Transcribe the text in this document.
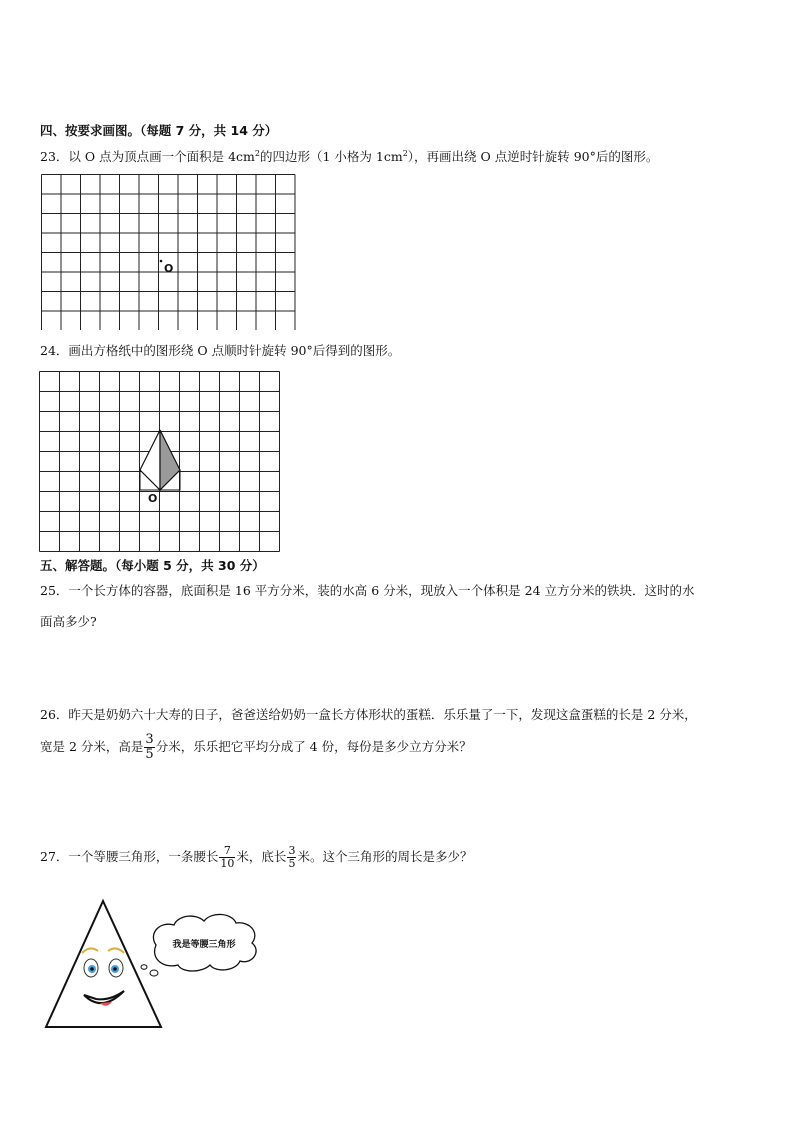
四、按要求画图。（每题 7 分，共 14 分）
23．以 O 点为顶点画一个面积是 $4cm^2$的四边形（1 小格为 $1cm^2$），再画出绕 O 点逆时针旋转 90°后的图形。
O
24．画出方格纸中的图形绕 O 点顺时针旋转 90°后得到的图形。
O
五、解答题。（每小题 5 分，共 30 分）
25．一个长方体的容器，底面积是 16 平方分米，装的水高 6 分米，现放入一个体积是 24 立方分米的铁块．这时的水
面高多少?
26．昨天是奶奶六十大寿的日子，爸爸送给奶奶一盒长方体形状的蛋糕．乐乐量了一下，发现这盒蛋糕的长是 2 分米，
宽是 2 分米，高是 $\frac{3}{5}$ 分米，乐乐把它平均分成了 4 份，每份是多少立方分米？
27．一个等腰三角形，一条腰长 $\frac{7}{10}$ 米，底长 $\frac{3}{5}$ 米。这个三角形的周长是多少？
我是等腰三角形
